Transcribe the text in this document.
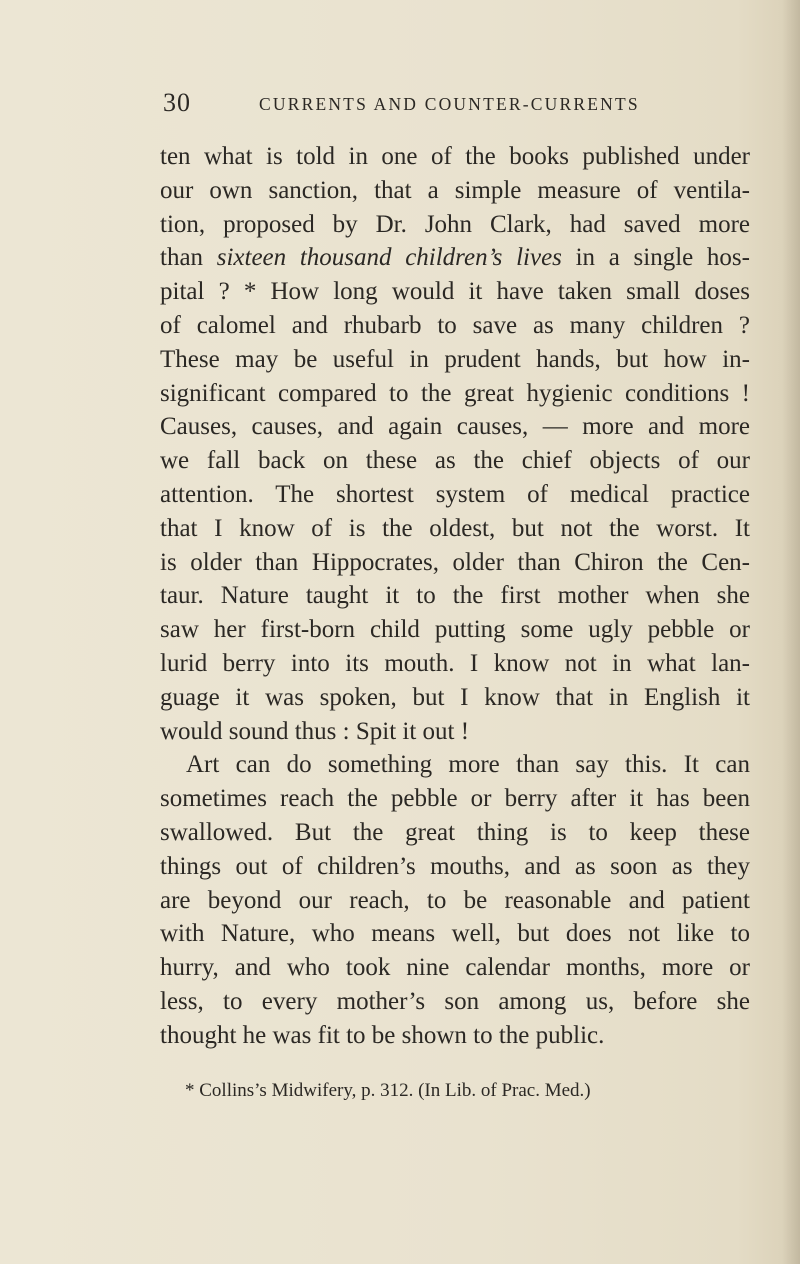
30	CURRENTS AND COUNTER-CURRENTS
ten what is told in one of the books published under
our own sanction, that a simple measure of ventila-
tion, proposed by Dr. John Clark, had saved more
than sixteen thousand children’s lives in a single hos-
pital ? * How long would it have taken small doses
of calomel and rhubarb to save as many children ?
These may be useful in prudent hands, but how in-
significant compared to the great hygienic conditions !
Causes, causes, and again causes, — more and more
we fall back on these as the chief objects of our
attention. The shortest system of medical practice
that I know of is the oldest, but not the worst. It
is older than Hippocrates, older than Chiron the Cen-
taur. Nature taught it to the first mother when she
saw her first-born child putting some ugly pebble or
lurid berry into its mouth. I know not in what lan-
guage it was spoken, but I know that in English it
would sound thus : Spit it out !
Art can do something more than say this. It can
sometimes reach the pebble or berry after it has been
swallowed. But the great thing is to keep these
things out of children’s mouths, and as soon as they
are beyond our reach, to be reasonable and patient
with Nature, who means well, but does not like to
hurry, and who took nine calendar months, more or
less, to every mother’s son among us, before she
thought he was fit to be shown to the public.
* Collins’s Midwifery, p. 312. (In Lib. of Prac. Med.)
